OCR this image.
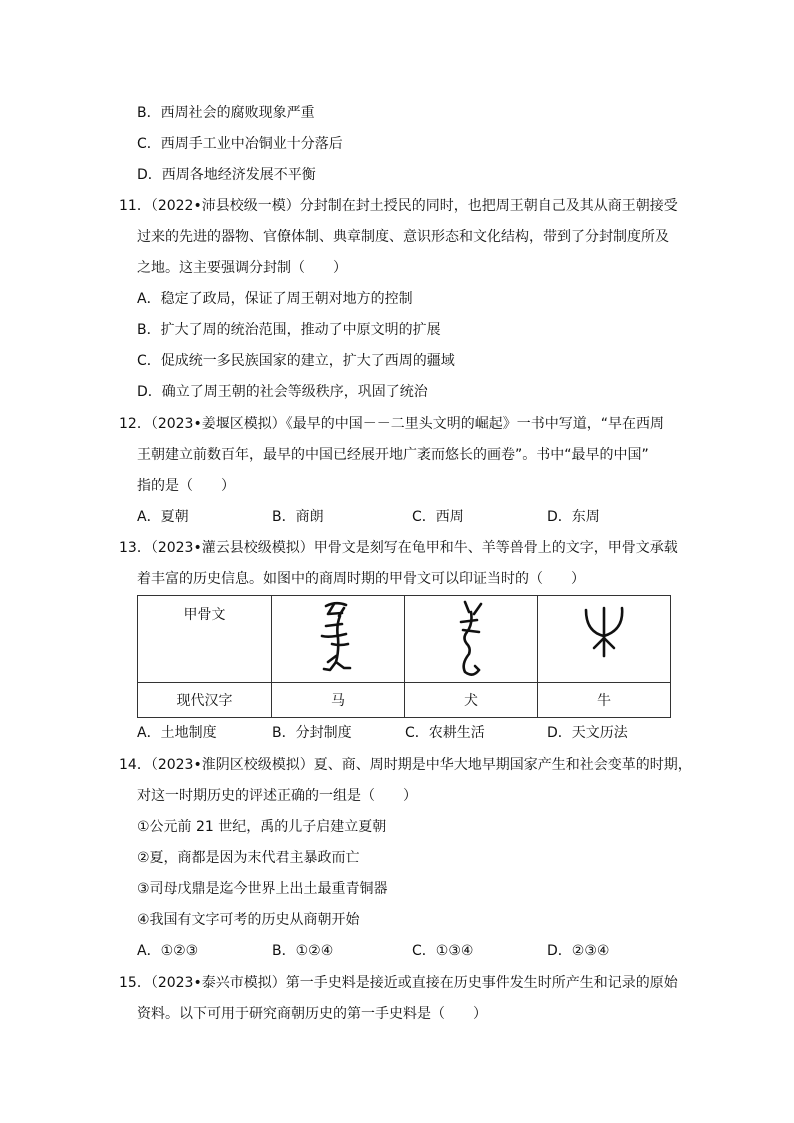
B．西周社会的腐败现象严重
C．西周手工业中冶铜业十分落后
D．西周各地经济发展不平衡
11．（2022•沛县校级一模）分封制在封土授民的同时，也把周王朝自己及其从商王朝接受
过来的先进的器物、官僚体制、典章制度、意识形态和文化结构，带到了分封制度所及
之地。这主要强调分封制（　　）
A．稳定了政局，保证了周王朝对地方的控制
B．扩大了周的统治范围，推动了中原文明的扩展
C．促成统一多民族国家的建立，扩大了西周的疆域
D．确立了周王朝的社会等级秩序，巩固了统治
12．（2023•姜堰区模拟）《最早的中国－－二里头文明的崛起》一书中写道，“早在西周
王朝建立前数百年，最早的中国已经展开地广袤而悠长的画卷”。书中“最早的中国”
指的是（　　）
A．夏朝	B．商朗	C．西周	D．东周
13．（2023•灌云县校级模拟）甲骨文是刻写在龟甲和牛、羊等兽骨上的文字，甲骨文承载
着丰富的历史信息。如图中的商周时期的甲骨文可以印证当时的（　　）
甲骨文

现代汉字	马	犬	牛
A．土地制度	B．分封制度	C．农耕生活	D．天文历法
14．（2023•淮阴区校级模拟）夏、商、周时期是中华大地早期国家产生和社会变革的时期，
对这一时期历史的评述正确的一组是（　　）
①公元前 21 世纪，禹的儿子启建立夏朝
②夏，商都是因为末代君主暴政而亡
③司母戊鼎是迄今世界上出土最重青铜器
④我国有文字可考的历史从商朝开始
A．①②③	B．①②④	C．①③④	D．②③④
15．（2023•泰兴市模拟）第一手史料是接近或直接在历史事件发生时所产生和记录的原始
资料。以下可用于研究商朝历史的第一手史料是（　　）
